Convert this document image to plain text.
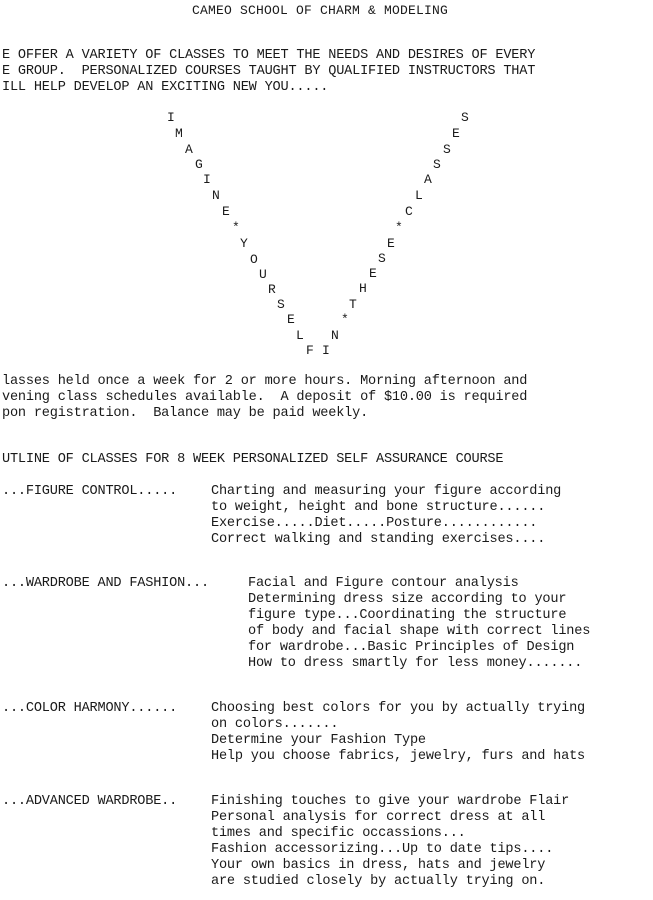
CAMEO SCHOOL OF CHARM & MODELING
E OFFER A VARIETY OF CLASSES TO MEET THE NEEDS AND DESIRES OF EVERY
E GROUP.  PERSONALIZED COURSES TAUGHT BY QUALIFIED INSTRUCTORS THAT
ILL HELP DEVELOP AN EXCITING NEW YOU.....
I
M
A
G
I
N
E
*
Y
O
U
R
S
E
L
S
E
S
S
A
L
C
*
E
S
E
H
T
*
N
F I
lasses held once a week for 2 or more hours. Morning afternoon and
vening class schedules available.  A deposit of $10.00 is required
pon registration.  Balance may be paid weekly.
UTLINE OF CLASSES FOR 8 WEEK PERSONALIZED SELF ASSURANCE COURSE
...FIGURE CONTROL..... Charting and measuring your figure according
to weight, height and bone structure......
Exercise.....Diet.....Posture............
Correct walking and standing exercises....
...WARDROBE AND FASHION...	Facial and Figure contour analysis
Determining dress size according to your
figure type...Coordinating the structure
of body and facial shape with correct lines
for wardrobe...Basic Principles of Design
How to dress smartly for less money.......
...COLOR HARMONY...... Choosing best colors for you by actually trying
on colors.......
Determine your Fashion Type
Help you choose fabrics, jewelry, furs and hats
...ADVANCED WARDROBE.. Finishing touches to give your wardrobe Flair
Personal analysis for correct dress at all
times and specific occassions...
Fashion accessorizing...Up to date tips....
Your own basics in dress, hats and jewelry
are studied closely by actually trying on.
